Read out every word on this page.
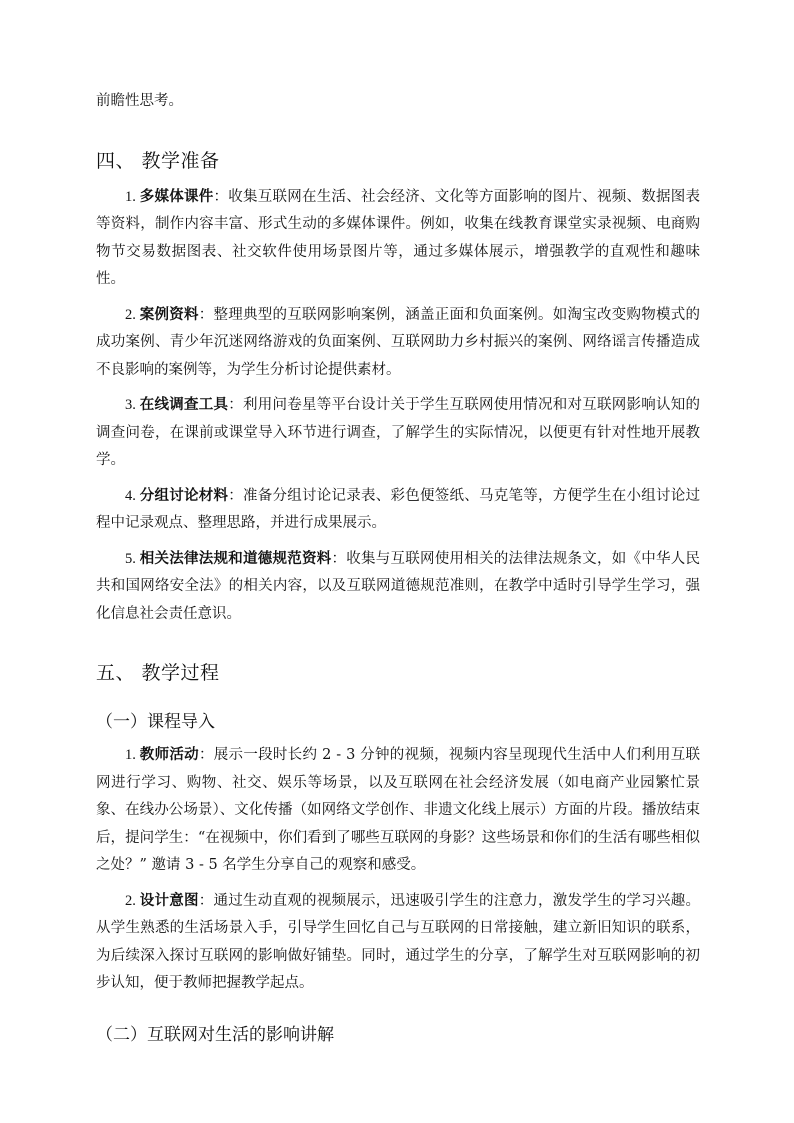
前瞻性思考。

四、 教学准备

1. 多媒体课件：收集互联网在生活、社会经济、文化等方面影响的图片、视频、数据图表等资料，制作内容丰富、形式生动的多媒体课件。例如，收集在线教育课堂实录视频、电商购物节交易数据图表、社交软件使用场景图片等，通过多媒体展示，增强教学的直观性和趣味性。

2. 案例资料：整理典型的互联网影响案例，涵盖正面和负面案例。如淘宝改变购物模式的成功案例、青少年沉迷网络游戏的负面案例、互联网助力乡村振兴的案例、网络谣言传播造成不良影响的案例等，为学生分析讨论提供素材。

3. 在线调查工具：利用问卷星等平台设计关于学生互联网使用情况和对互联网影响认知的调查问卷，在课前或课堂导入环节进行调查，了解学生的实际情况，以便更有针对性地开展教学。

4. 分组讨论材料：准备分组讨论记录表、彩色便签纸、马克笔等，方便学生在小组讨论过程中记录观点、整理思路，并进行成果展示。

5. 相关法律法规和道德规范资料：收集与互联网使用相关的法律法规条文，如《中华人民共和国网络安全法》的相关内容，以及互联网道德规范准则，在教学中适时引导学生学习，强化信息社会责任意识。

五、 教学过程
（一）课程导入

1. 教师活动：展示一段时长约 2 - 3 分钟的视频，视频内容呈现现代生活中人们利用互联网进行学习、购物、社交、娱乐等场景，以及互联网在社会经济发展（如电商产业园繁忙景象、在线办公场景）、文化传播（如网络文学创作、非遗文化线上展示）方面的片段。播放结束后，提问学生：“在视频中，你们看到了哪些互联网的身影？这些场景和你们的生活有哪些相似之处？” 邀请 3 - 5 名学生分享自己的观察和感受。

2. 设计意图：通过生动直观的视频展示，迅速吸引学生的注意力，激发学生的学习兴趣。从学生熟悉的生活场景入手，引导学生回忆自己与互联网的日常接触，建立新旧知识的联系，为后续深入探讨互联网的影响做好铺垫。同时，通过学生的分享，了解学生对互联网影响的初步认知，便于教师把握教学起点。

（二）互联网对生活的影响讲解
